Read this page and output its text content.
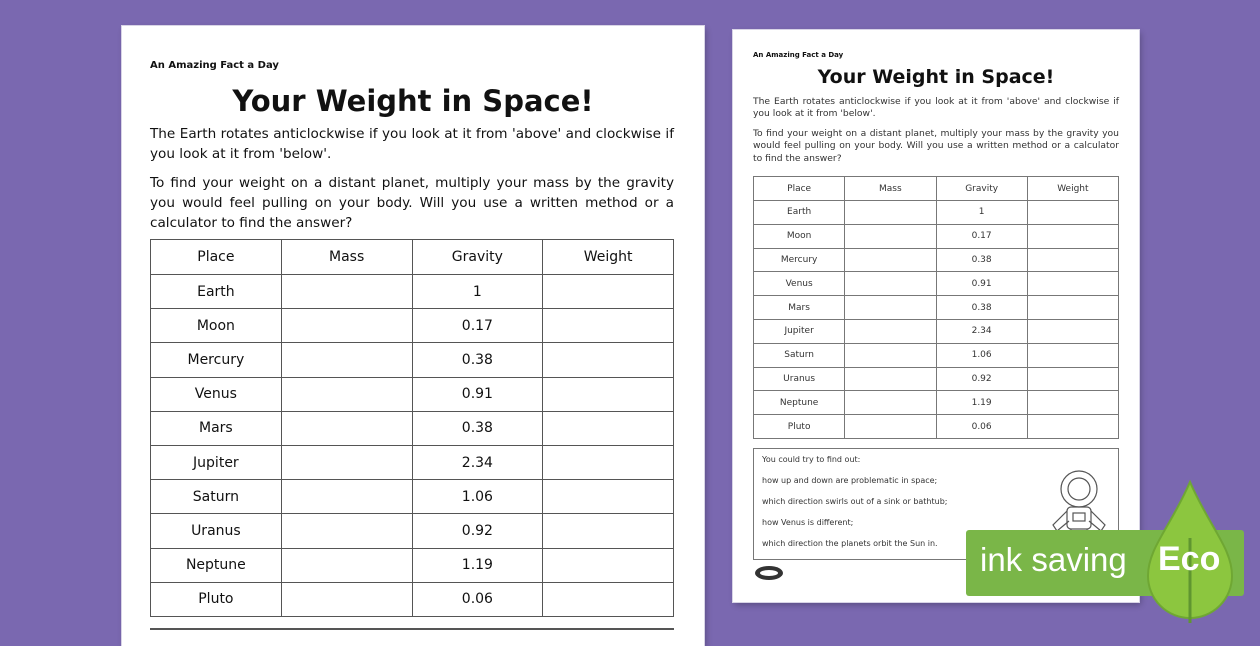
An Amazing Fact a Day
Your Weight in Space!
The Earth rotates anticlockwise if you look at it from 'above' and clockwise if you look at it from 'below'.
To find your weight on a distant planet, multiply your mass by the gravity you would feel pulling on your body. Will you use a written method or a calculator to find the answer?
Place	Mass	Gravity	Weight
Earth		1	
Moon		0.17	
Mercury		0.38	
Venus		0.91	
Mars		0.38	
Jupiter		2.34	
Saturn		1.06	
Uranus		0.92	
Neptune		1.19	
Pluto		0.06	
An Amazing Fact a Day
Your Weight in Space!
The Earth rotates anticlockwise if you look at it from 'above' and clockwise if you look at it from 'below'.
To find your weight on a distant planet, multiply your mass by the gravity you would feel pulling on your body. Will you use a written method or a calculator to find the answer?
Place	Mass	Gravity	Weight
Earth		1	
Moon		0.17	
Mercury		0.38	
Venus		0.91	
Mars		0.38	
Jupiter		2.34	
Saturn		1.06	
Uranus		0.92	
Neptune		1.19	
Pluto		0.06	
You could try to find out:
how up and down are problematic in space;
which direction swirls out of a sink or bathtub;
how Venus is different;
which direction the planets orbit the Sun in. ink saving Eco
